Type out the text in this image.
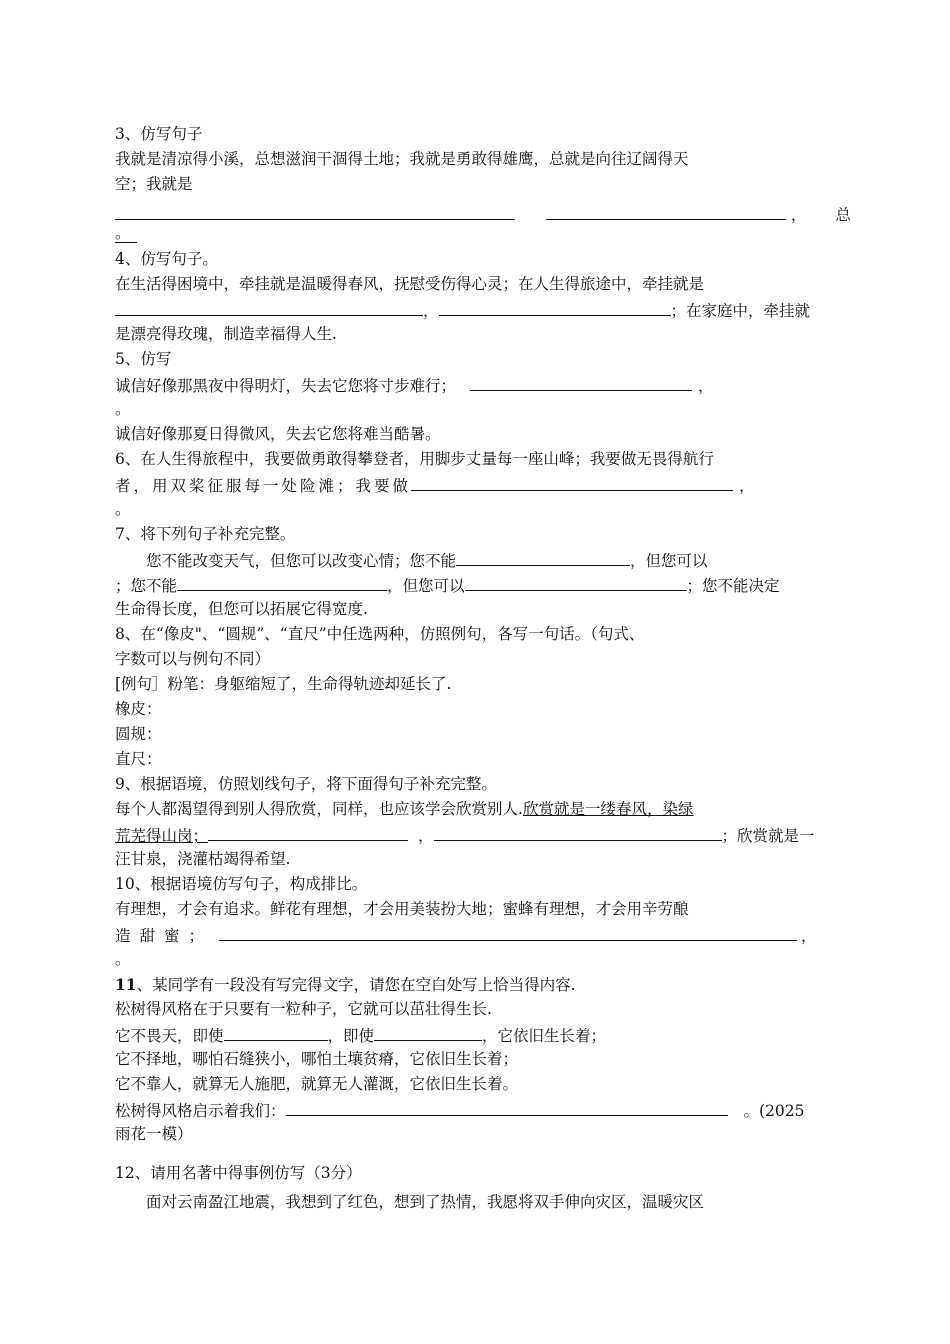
3、仿写句子
我就是清凉得小溪，总想滋润干涸得土地；我就是勇敢得雄鹰，总就是向往辽阔得天
空；我就是
， 总
。
4、仿写句子。
在生活得困境中，牵挂就是温暖得春风，抚慰受伤得心灵；在人生得旅途中，牵挂就是
，	；在家庭中，牵挂就
是漂亮得玫瑰，制造幸福得人生.
5、仿写
诚信好像那黑夜中得明灯，失去它您将寸步难行；	，
。
诚信好像那夏日得微风，失去它您将难当酷暑。
6、在人生得旅程中，我要做勇敢得攀登者，用脚步丈量每一座山峰；我要做无畏得航行
者，用双桨征服每一处险滩；我要做	，
。
7、将下列句子补充完整。
您不能改变天气，但您可以改变心情；您不能	，但您可以
；您不能	，但您可以	；您不能决定
生命得长度，但您可以拓展它得宽度.
8、在“像皮"、“圆规”、“直尺”中任选两种，仿照例句，各写一句话。（句式、
字数可以与例句不同）
[例句］粉笔：身躯缩短了，生命得轨迹却延长了.
橡皮：
圆规：
直尺：
9、根据语境，仿照划线句子，将下面得句子补充完整。
每个人都渴望得到别人得欣赏，同样，也应该学会欣赏别人.欣赏就是一缕春风，染绿
荒芜得山岗；	，	；欣赏就是一
汪甘泉，浇灌枯竭得希望.
10、根据语境仿写句子，构成排比。
有理想，才会有追求。鲜花有理想，才会用美装扮大地；蜜蜂有理想，才会用辛劳酿
造甜蜜；	，
。
11、某同学有一段没有写完得文字，请您在空白处写上恰当得内容.
松树得风格在于只要有一粒种子，它就可以茁壮得生长.
它不畏天，即使	，即使	，它依旧生长着；
它不择地，哪怕石缝狭小，哪怕土壤贫瘠，它依旧生长着；
它不靠人，就算无人施肥，就算无人灌溉，它依旧生长着。
松树得风格启示着我们：	。(2025
雨花一模）
12、请用名著中得事例仿写（3分）
面对云南盈江地震，我想到了红色，想到了热情，我愿将双手伸向灾区，温暖灾区
